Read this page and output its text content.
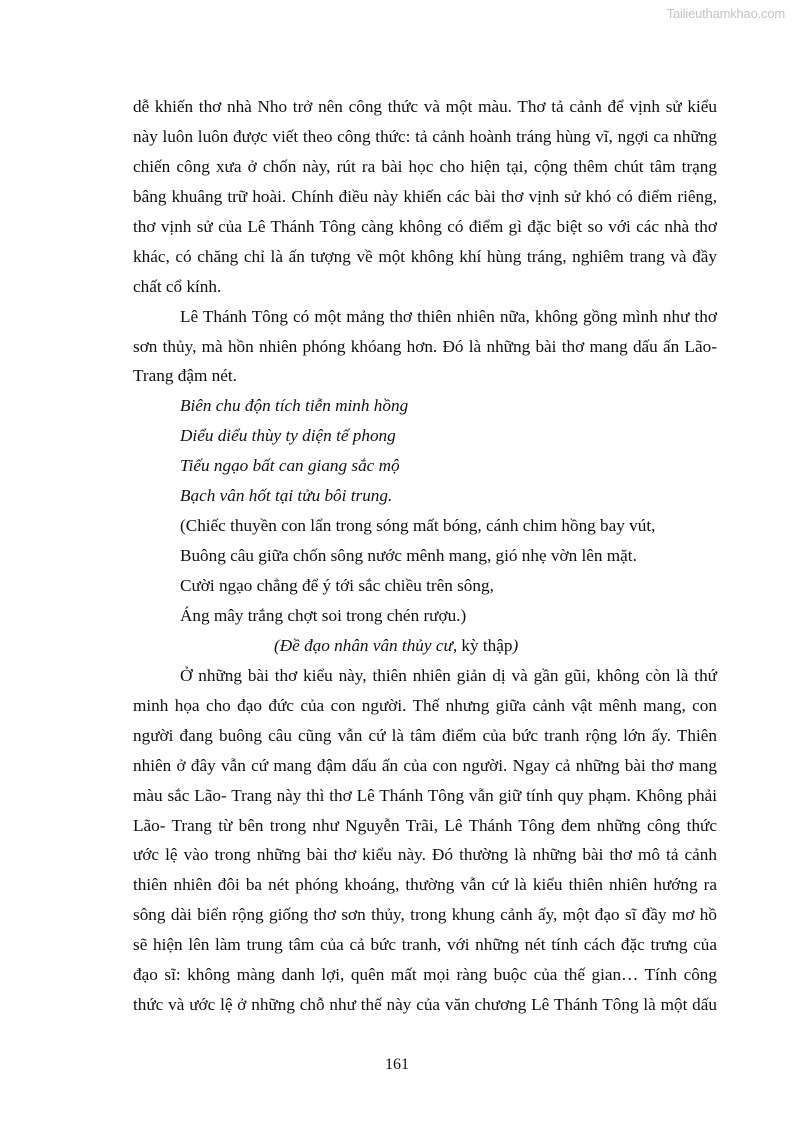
Tailieuthamkhao.com
dễ khiến thơ nhà Nho trở nên công thức và một màu. Thơ tả cảnh để vịnh sử kiểu
này luôn luôn được viết theo công thức: tả cảnh hoành tráng hùng vĩ, ngợi ca những
chiến công xưa ở chốn này, rút ra bài học cho hiện tại, cộng thêm chút tâm trạng
bâng khuâng trữ hoài. Chính điều này khiến các bài thơ vịnh sử khó có điểm riêng,
thơ vịnh sử của Lê Thánh Tông càng không có điểm gì đặc biệt so với các nhà thơ
khác, có chăng chỉ là ấn tượng về một không khí hùng tráng, nghiêm trang và đầy
chất cổ kính.
Lê Thánh Tông có một mảng thơ thiên nhiên nữa, không gồng mình như thơ
sơn thủy, mà hồn nhiên phóng khóang hơn. Đó là những bài thơ mang dấu ấn Lão-
Trang đậm nét.
Biên chu độn tích tiễn minh hồng
Diểu diểu thùy ty diện tế phong
Tiếu ngạo bất can giang sắc mộ
Bạch vân hốt tại tửu bôi trung.
(Chiếc thuyền con lẩn trong sóng mất bóng, cánh chim hồng bay vút,
Buông câu giữa chốn sông nước mênh mang, gió nhẹ vờn lên mặt.
Cười ngạo chẳng để ý tới sắc chiều trên sông,
Áng mây trắng chợt soi trong chén rượu.)
(Đề đạo nhân vân thủy cư, kỳ thập)
Ở những bài thơ kiểu này, thiên nhiên giản dị và gần gũi, không còn là thứ
minh họa cho đạo đức của con người. Thế nhưng giữa cảnh vật mênh mang, con
người đang buông câu cũng vẫn cứ là tâm điểm của bức tranh rộng lớn ấy. Thiên
nhiên ở đây vẫn cứ mang đậm dấu ấn của con người. Ngay cả những bài thơ mang
màu sắc Lão- Trang này thì thơ Lê Thánh Tông vẫn giữ tính quy phạm. Không phải
Lão- Trang từ bên trong như Nguyễn Trãi, Lê Thánh Tông đem những công thức
ước lệ vào trong những bài thơ kiểu này. Đó thường là những bài thơ mô tả cảnh
thiên nhiên đôi ba nét phóng khoáng, thường vẫn cứ là kiểu thiên nhiên hướng ra
sông dài biển rộng giống thơ sơn thủy, trong khung cảnh ấy, một đạo sĩ đầy mơ hồ
sẽ hiện lên làm trung tâm của cả bức tranh, với những nét tính cách đặc trưng của
đạo sĩ: không màng danh lợi, quên mất mọi ràng buộc của thế gian… Tính công
thức và ước lệ ở những chỗ như thế này của văn chương Lê Thánh Tông là một dấu
161
